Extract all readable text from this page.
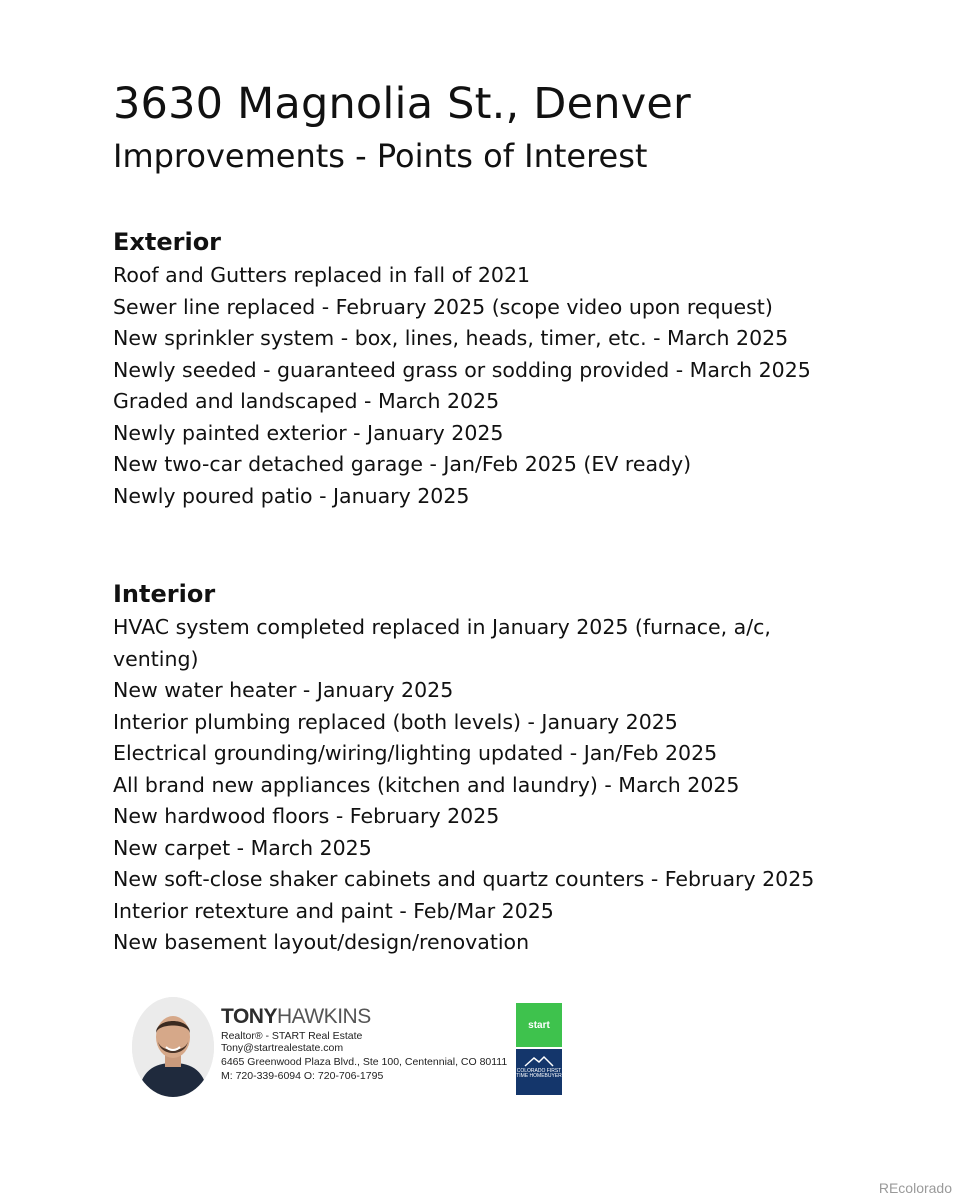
3630 Magnolia St., Denver
Improvements - Points of Interest
Exterior
Roof and Gutters replaced in fall of 2021
Sewer line replaced - February 2025 (scope video upon request)
New sprinkler system - box, lines, heads, timer, etc. - March 2025
Newly seeded - guaranteed grass or sodding provided - March 2025
Graded and landscaped - March 2025
Newly painted exterior - January 2025
New two-car detached garage - Jan/Feb 2025 (EV ready)
Newly poured patio - January 2025
Interior
HVAC system completed replaced in January 2025 (furnace, a/c, venting)
New water heater - January 2025
Interior plumbing replaced (both levels) - January 2025
Electrical grounding/wiring/lighting updated - Jan/Feb 2025
All brand new appliances (kitchen and laundry) - March 2025
New hardwood floors - February 2025
New carpet - March 2025
New soft-close shaker cabinets and quartz counters - February 2025
Interior retexture and paint - Feb/Mar 2025
New basement layout/design/renovation
TONYHAWKINS
Realtor® - START Real Estate
Tony@startrealestate.com
6465 Greenwood Plaza Blvd., Ste 100, Centennial, CO 80111
M: 720-339-6094 O: 720-706-1795
start
COLORADO FIRST TIME HOMEBUYER
REcolorado
